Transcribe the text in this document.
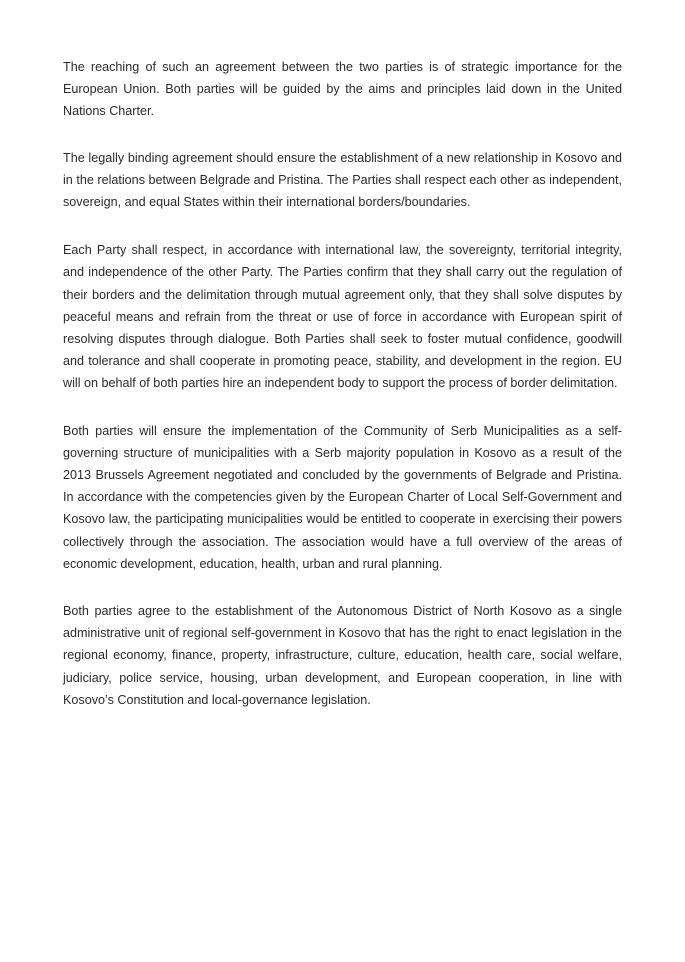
The reaching of such an agreement between the two parties is of strategic importance for the European Union. Both parties will be guided by the aims and principles laid down in the United Nations Charter.

The legally binding agreement should ensure the establishment of a new relationship in Kosovo and in the relations between Belgrade and Pristina. The Parties shall respect each other as independent, sovereign, and equal States within their international borders/​boundaries.

Each Party shall respect, in accordance with international law, the sovereignty, territorial integrity, and independence of the other Party. The Parties confirm that they shall carry out the regulation of their borders and the delimitation through mutual agreement only, that they shall solve disputes by peaceful means and refrain from the threat or use of force in accordance with European spirit of resolving disputes through dialogue. Both Parties shall seek to foster mutual confidence, goodwill and tolerance and shall cooperate in promoting peace, stability, and development in the region. EU will on behalf of both parties hire an independent body to support the process of border delimitation.

Both parties will ensure the implementation of the Community of Serb Municipalities as a self-governing structure of municipalities with a Serb majority population in Kosovo as a result of the 2013 Brussels Agreement negotiated and concluded by the governments of Belgrade and Pristina. In accordance with the competencies given by the European Charter of Local Self-Government and Kosovo law, the participating municipalities would be entitled to cooperate in exercising their powers collectively through the association. The association would have a full overview of the areas of economic development, education, health, urban and rural planning.

Both parties agree to the establishment of the Autonomous District of North Kosovo as a single administrative unit of regional self-government in Kosovo that has the right to enact legislation in the regional economy, finance, property, infrastructure, culture, education, health care, social welfare, judiciary, police service, housing, urban development, and European cooperation, in line with Kosovo’s Constitution and local-governance legislation.
